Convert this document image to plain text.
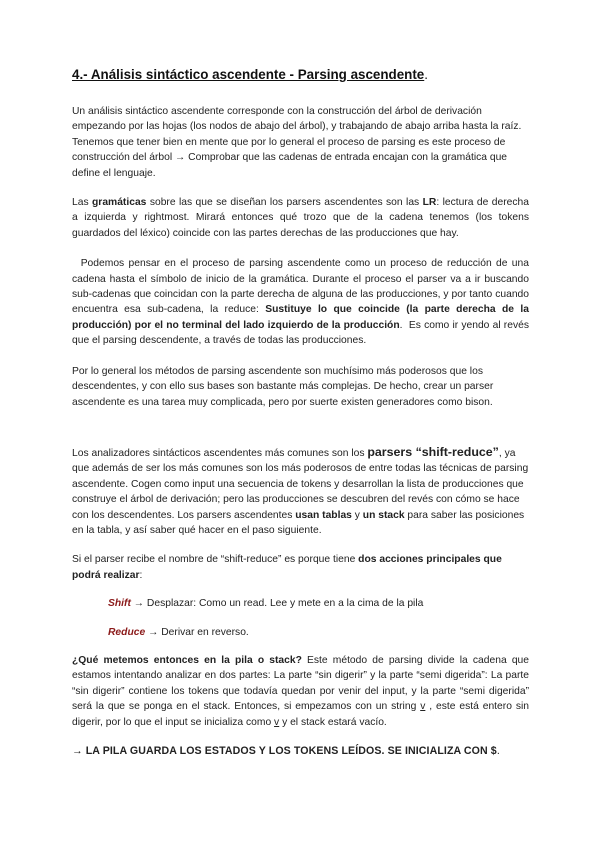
4.- Análisis sintáctico ascendente - Parsing ascendente.

Un análisis sintáctico ascendente corresponde con la construcción del árbol de derivación empezando por las hojas (los nodos de abajo del árbol), y trabajando de abajo arriba hasta la raíz. Tenemos que tener bien en mente que por lo general el proceso de parsing es este proceso de construcción del árbol → Comprobar que las cadenas de entrada encajan con la gramática que define el lenguaje.

Las gramáticas sobre las que se diseñan los parsers ascendentes son las LR: lectura de derecha a izquierda y rightmost. Mirará entonces qué trozo que de la cadena tenemos (los tokens guardados del léxico) coincide con las partes derechas de las producciones que hay.

Podemos pensar en el proceso de parsing ascendente como un proceso de reducción de una cadena hasta el símbolo de inicio de la gramática. Durante el proceso el parser va a ir buscando sub-cadenas que coincidan con la parte derecha de alguna de las producciones, y por tanto cuando encuentra esa sub-cadena, la reduce: Sustituye lo que coincide (la parte derecha de la producción) por el no terminal del lado izquierdo de la producción.  Es como ir yendo al revés que el parsing descendente, a través de todas las producciones.

Por lo general los métodos de parsing ascendente son muchísimo más poderosos que los descendentes, y con ello sus bases son bastante más complejas. De hecho, crear un parser ascendente es una tarea muy complicada, pero por suerte existen generadores como bison.

Los analizadores sintácticos ascendentes más comunes son los parsers “shift-reduce”, ya que además de ser los más comunes son los más poderosos de entre todas las técnicas de parsing ascendente. Cogen como input una secuencia de tokens y desarrollan la lista de producciones que construye el árbol de derivación; pero las producciones se descubren del revés con cómo se hace con los descendentes. Los parsers ascendentes usan tablas y un stack para saber las posiciones en la tabla, y así saber qué hacer en el paso siguiente.

Si el parser recibe el nombre de “shift-reduce” es porque tiene dos acciones principales que podrá realizar:

Shift → Desplazar: Como un read. Lee y mete en a la cima de la pila

Reduce → Derivar en reverso.

¿Qué metemos entonces en la pila o stack? Este método de parsing divide la cadena que estamos intentando analizar en dos partes: La parte “sin digerir” y la parte “semi digerida”: La parte “sin digerir” contiene los tokens que todavía quedan por venir del input, y la parte “semi digerida” será la que se ponga en el stack. Entonces, si empezamos con un string v , este está entero sin digerir, por lo que el input se inicializa como v y el stack estará vacío.

→ LA PILA GUARDA LOS ESTADOS Y LOS TOKENS LEÍDOS. SE INICIALIZA CON $.
